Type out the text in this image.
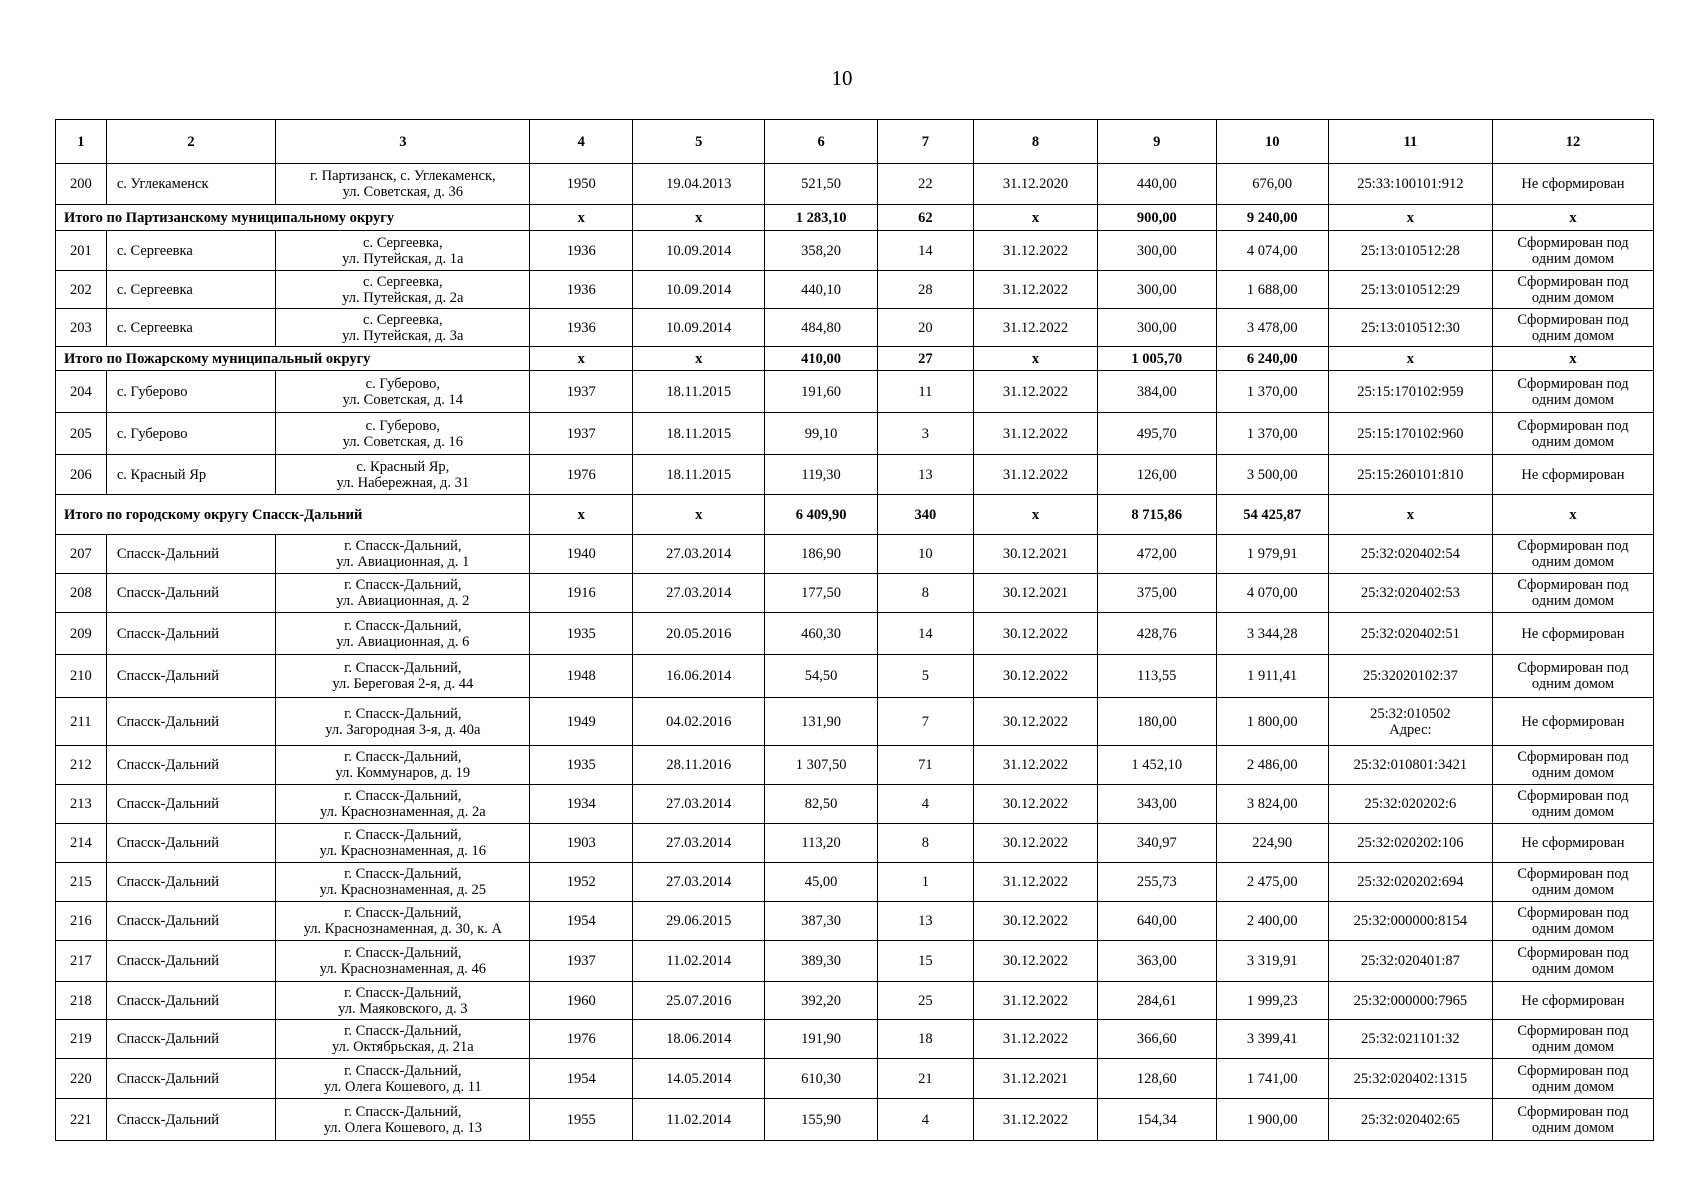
10
1	2	3	4	5	6	7	8	9	10	11	12
200	с. Углекаменск	г. Партизанск, с. Углекаменск,
ул. Советская, д. 36	1950	19.04.2013	521,50	22	31.12.2020	440,00	676,00	25:33:100101:912	Не сформирован

Итого по Партизанскому муниципальному округу			x	x	1 283,10	62	x	900,00	9 240,00	x	x
201	с. Сергеевка	с. Сергеевка,
ул. Путейская, д. 1а	1936	10.09.2014	358,20	14	31.12.2022	300,00	4 074,00	25:13:010512:28	Сформирован под
одним домом

202	с. Сергеевка	с. Сергеевка,
ул. Путейская, д. 2а	1936	10.09.2014	440,10	28	31.12.2022	300,00	1 688,00	25:13:010512:29	Сформирован под
одним домом

203	с. Сергеевка	с. Сергеевка,
ул. Путейская, д. 3а	1936	10.09.2014	484,80	20	31.12.2022	300,00	3 478,00	25:13:010512:30	Сформирован под
одним домом

Итого по Пожарскому муниципальный округу			x	x	410,00	27	x	1 005,70	6 240,00	x	x
204	с. Губерово	с. Губерово,
ул. Советская, д. 14	1937	18.11.2015	191,60	11	31.12.2022	384,00	1 370,00	25:15:170102:959	Сформирован под
одним домом

205	с. Губерово	с. Губерово,
ул. Советская, д. 16	1937	18.11.2015	99,10	3	31.12.2022	495,70	1 370,00	25:15:170102:960	Сформирован под
одним домом

206	с. Красный Яр	с. Красный Яр,
ул. Набережная, д. 31	1976	18.11.2015	119,30	13	31.12.2022	126,00	3 500,00	25:15:260101:810	Не сформирован

Итого по городскому округу Спасск-Дальний			x	x	6 409,90	340	x	8 715,86	54 425,87	x	x
207	Спасск-Дальний	г. Спасск-Дальний,
ул. Авиационная, д. 1	1940	27.03.2014	186,90	10	30.12.2021	472,00	1 979,91	25:32:020402:54	Сформирован под
одним домом

208	Спасск-Дальний	г. Спасск-Дальний,
ул. Авиационная, д. 2	1916	27.03.2014	177,50	8	30.12.2021	375,00	4 070,00	25:32:020402:53	Сформирован под
одним домом

209	Спасск-Дальний	г. Спасск-Дальний,
ул. Авиационная, д. 6	1935	20.05.2016	460,30	14	30.12.2022	428,76	3 344,28	25:32:020402:51	Не сформирован

210	Спасск-Дальний	г. Спасск-Дальний,
ул. Береговая 2-я, д. 44	1948	16.06.2014	54,50	5	30.12.2022	113,55	1 911,41	25:32020102:37	Сформирован под
одним домом

211	Спасск-Дальний	г. Спасск-Дальний,
ул. Загородная 3-я, д. 40а	1949	04.02.2016	131,90	7	30.12.2022	180,00	1 800,00	25:32:010502
Адрес:	Не сформирован

212	Спасск-Дальний	г. Спасск-Дальний,
ул. Коммунаров, д. 19	1935	28.11.2016	1 307,50	71	31.12.2022	1 452,10	2 486,00	25:32:010801:3421	Сформирован под
одним домом

213	Спасск-Дальний	г. Спасск-Дальний,
ул. Краснознаменная, д. 2а	1934	27.03.2014	82,50	4	30.12.2022	343,00	3 824,00	25:32:020202:6	Сформирован под
одним домом

214	Спасск-Дальний	г. Спасск-Дальний,
ул. Краснознаменная, д. 16	1903	27.03.2014	113,20	8	30.12.2022	340,97	224,90	25:32:020202:106	Не сформирован

215	Спасск-Дальний	г. Спасск-Дальний,
ул. Краснознаменная, д. 25	1952	27.03.2014	45,00	1	31.12.2022	255,73	2 475,00	25:32:020202:694	Сформирован под
одним домом

216	Спасск-Дальний	г. Спасск-Дальний,
ул. Краснознаменная, д. 30, к. А	1954	29.06.2015	387,30	13	30.12.2022	640,00	2 400,00	25:32:000000:8154	Сформирован под
одним домом

217	Спасск-Дальний	г. Спасск-Дальний,
ул. Краснознаменная, д. 46	1937	11.02.2014	389,30	15	30.12.2022	363,00	3 319,91	25:32:020401:87	Сформирован под
одним домом

218	Спасск-Дальний	г. Спасск-Дальний,
ул. Маяковского, д. 3	1960	25.07.2016	392,20	25	31.12.2022	284,61	1 999,23	25:32:000000:7965	Не сформирован

219	Спасск-Дальний	г. Спасск-Дальний,
ул. Октябрьская, д. 21а	1976	18.06.2014	191,90	18	31.12.2022	366,60	3 399,41	25:32:021101:32	Сформирован под
одним домом

220	Спасск-Дальний	г. Спасск-Дальний,
ул. Олега Кошевого, д. 11	1954	14.05.2014	610,30	21	31.12.2021	128,60	1 741,00	25:32:020402:1315	Сформирован под
одним домом

221	Спасск-Дальний	г. Спасск-Дальний,
ул. Олега Кошевого, д. 13	1955	11.02.2014	155,90	4	31.12.2022	154,34	1 900,00	25:32:020402:65	Сформирован под
одним домом
